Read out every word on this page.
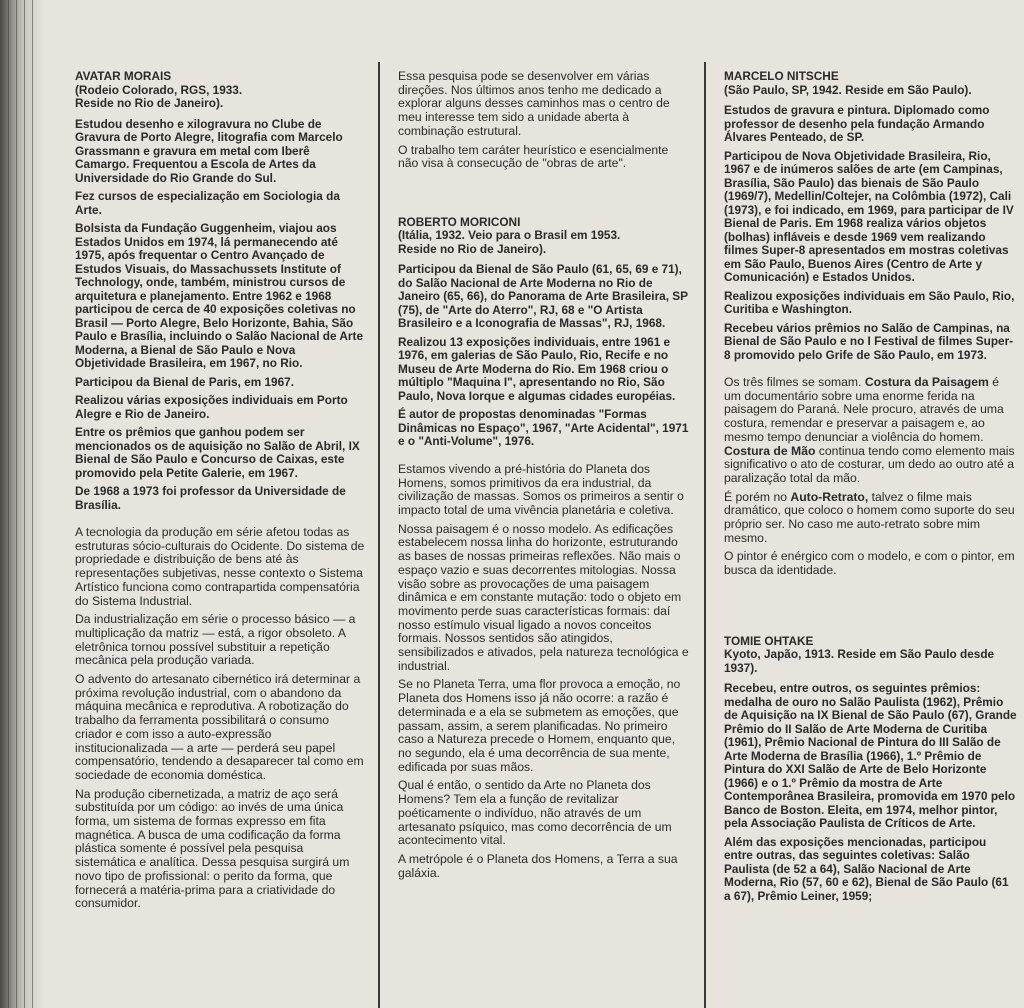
AVATAR MORAIS

(Rodeio Colorado, RGS, 1933.
Reside no Rio de Janeiro).

Estudou desenho e xilogravura no Clube de Gravura de Porto Alegre, litografia com Marcelo Grassmann e gravura em metal com Iberê Camargo. Frequentou a Escola de Artes da Universidade do Rio Grande do Sul.

Fez cursos de especialização em Sociologia da Arte.

Bolsista da Fundação Guggenheim, viajou aos Estados Unidos em 1974, lá permanecendo até 1975, após frequentar o Centro Avançado de Estudos Visuais, do Massachussets Institute of Technology, onde, também, ministrou cursos de arquitetura e planejamento. Entre 1962 e 1968 participou de cerca de 40 exposições coletivas no Brasil — Porto Alegre, Belo Horizonte, Bahia, São Paulo e Brasília, incluindo o Salão Nacional de Arte Moderna, a Bienal de São Paulo e Nova Objetividade Brasileira, em 1967, no Rio.

Participou da Bienal de Paris, em 1967.

Realizou várias exposições individuais em Porto Alegre e Rio de Janeiro.

Entre os prêmios que ganhou podem ser mencionados os de aquisição no Salão de Abril, IX Bienal de São Paulo e Concurso de Caixas, este promovido pela Petite Galerie, em 1967.

De 1968 a 1973 foi professor da Universidade de Brasília.

A tecnologia da produção em série afetou todas as estruturas sócio-culturais do Ocidente. Do sistema de propriedade e distribuição de bens até às representações subjetivas, nesse contexto o Sistema Artístico funciona como contrapartida compensatória do Sistema Industrial.

Da industrialização em série o processo básico — a multiplicação da matriz — está, a rigor obsoleto. A eletrônica tornou possível substituir a repetição mecânica pela produção variada.

O advento do artesanato cibernético irá determinar a próxima revolução industrial, com o abandono da máquina mecânica e reprodutiva. A robotização do trabalho da ferramenta possibilitará o consumo criador e com isso a auto-expressão institucionalizada — a arte — perderá seu papel compensatório, tendendo a desaparecer tal como em sociedade de economia doméstica.

Na produção cibernetizada, a matriz de aço será substituída por um código: ao invés de uma única forma, um sistema de formas expresso em fita magnética. A busca de uma codificação da forma plástica somente é possível pela pesquisa sistemática e analítica. Dessa pesquisa surgirá um novo tipo de profissional: o perito da forma, que fornecerá a matéria-prima para a criatividade do consumidor.

Essa pesquisa pode se desenvolver em várias direções. Nos últimos anos tenho me dedicado a explorar alguns desses caminhos mas o centro de meu interesse tem sido a unidade aberta à combinação estrutural.

O trabalho tem caráter heurístico e esencialmente não visa à consecução de "obras de arte".

ROBERTO MORICONI

(Itália, 1932. Veio para o Brasil em 1953.
Reside no Rio de Janeiro).

Participou da Bienal de São Paulo (61, 65, 69 e 71), do Salão Nacional de Arte Moderna no Rio de Janeiro (65, 66), do Panorama de Arte Brasileira, SP (75), de "Arte do Aterro", RJ, 68 e "O Artista Brasileiro e a Iconografia de Massas", RJ, 1968.

Realizou 13 exposições individuais, entre 1961 e 1976, em galerias de São Paulo, Rio, Recife e no Museu de Arte Moderna do Rio. Em 1968 criou o múltiplo "Maquina I", apresentando no Rio, São Paulo, Nova Iorque e algumas cidades européias.

É autor de propostas denominadas "Formas Dinâmicas no Espaço", 1967, "Arte Acidental", 1971 e o "Anti-Volume", 1976.

Estamos vivendo a pré-história do Planeta dos Homens, somos primitivos da era industrial, da civilização de massas. Somos os primeiros a sentir o impacto total de uma vivência planetária e coletiva.

Nossa paisagem é o nosso modelo. As edificações estabelecem nossa linha do horizonte, estruturando as bases de nossas primeiras reflexões. Não mais o espaço vazio e suas decorrentes mitologias. Nossa visão sobre as provocações de uma paisagem dinâmica e em constante mutação: todo o objeto em movimento perde suas características formais: daí nosso estímulo visual ligado a novos conceitos formais. Nossos sentidos são atingidos, sensibilizados e ativados, pela natureza tecnológica e industrial.

Se no Planeta Terra, uma flor provoca a emoção, no Planeta dos Homens isso já não ocorre: a razão é determinada e a ela se submetem as emoções, que passam, assim, a serem planificadas. No primeiro caso a Natureza precede o Homem, enquanto que, no segundo, ela é uma decorrência de sua mente, edificada por suas mãos.

Qual é então, o sentido da Arte no Planeta dos Homens? Tem ela a função de revitalizar poéticamente o indivíduo, não através de um artesanato psíquico, mas como decorrência de um acontecimento vital.

A metrópole é o Planeta dos Homens, a Terra a sua galáxia.

MARCELO NITSCHE

(São Paulo, SP, 1942. Reside em São Paulo).

Estudos de gravura e pintura. Diplomado como professor de desenho pela fundação Armando Álvares Penteado, de SP.

Participou de Nova Objetividade Brasileira, Rio, 1967 e de inúmeros salões de arte (em Campinas, Brasília, São Paulo) das bienais de São Paulo (1969/7), Medellin/Coltejer, na Colômbia (1972), Cali (1973), e foi indicado, em 1969, para participar de IV Bienal de Paris. Em 1968 realiza vários objetos (bolhas) infláveis e desde 1969 vem realizando filmes Super-8 apresentados em mostras coletivas em São Paulo, Buenos Aires (Centro de Arte y Comunicación) e Estados Unidos.

Realizou exposições individuais em São Paulo, Rio, Curitiba e Washington.

Recebeu vários prêmios no Salão de Campinas, na Bienal de São Paulo e no I Festival de filmes Super-8 promovido pelo Grife de São Paulo, em 1973.

Os três filmes se somam. Costura da Paisagem é um documentário sobre uma enorme ferida na paisagem do Paraná. Nele procuro, através de uma costura, remendar e preservar a paisagem e, ao mesmo tempo denunciar a violência do homem. Costura de Mão continua tendo como elemento mais significativo o ato de costurar, um dedo ao outro até a paralização total da mão.

É porém no Auto-Retrato, talvez o filme mais dramático, que coloco o homem como suporte do seu próprio ser. No caso me auto-retrato sobre mim mesmo.

O pintor é enérgico com o modelo, e com o pintor, em busca da identidade.

TOMIE OHTAKE

Kyoto, Japão, 1913. Reside em São Paulo desde 1937).

Recebeu, entre outros, os seguintes prêmios: medalha de ouro no Salão Paulista (1962), Prêmio de Aquisição na IX Bienal de São Paulo (67), Grande Prêmio do II Salão de Arte Moderna de Curitiba (1961), Prêmio Nacional de Pintura do III Salão de Arte Moderna de Brasília (1966), 1.º Prêmio de Pintura do XXI Salão de Arte de Belo Horizonte (1966) e o 1.º Prêmio da mostra de Arte Contemporânea Brasileira, promovida em 1970 pelo Banco de Boston. Eleita, em 1974, melhor pintor, pela Associação Paulista de Críticos de Arte.

Além das exposições mencionadas, participou entre outras, das seguintes coletivas: Salão Paulista (de 52 a 64), Salão Nacional de Arte Moderna, Rio (57, 60 e 62), Bienal de São Paulo (61 a 67), Prêmio Leiner, 1959;
